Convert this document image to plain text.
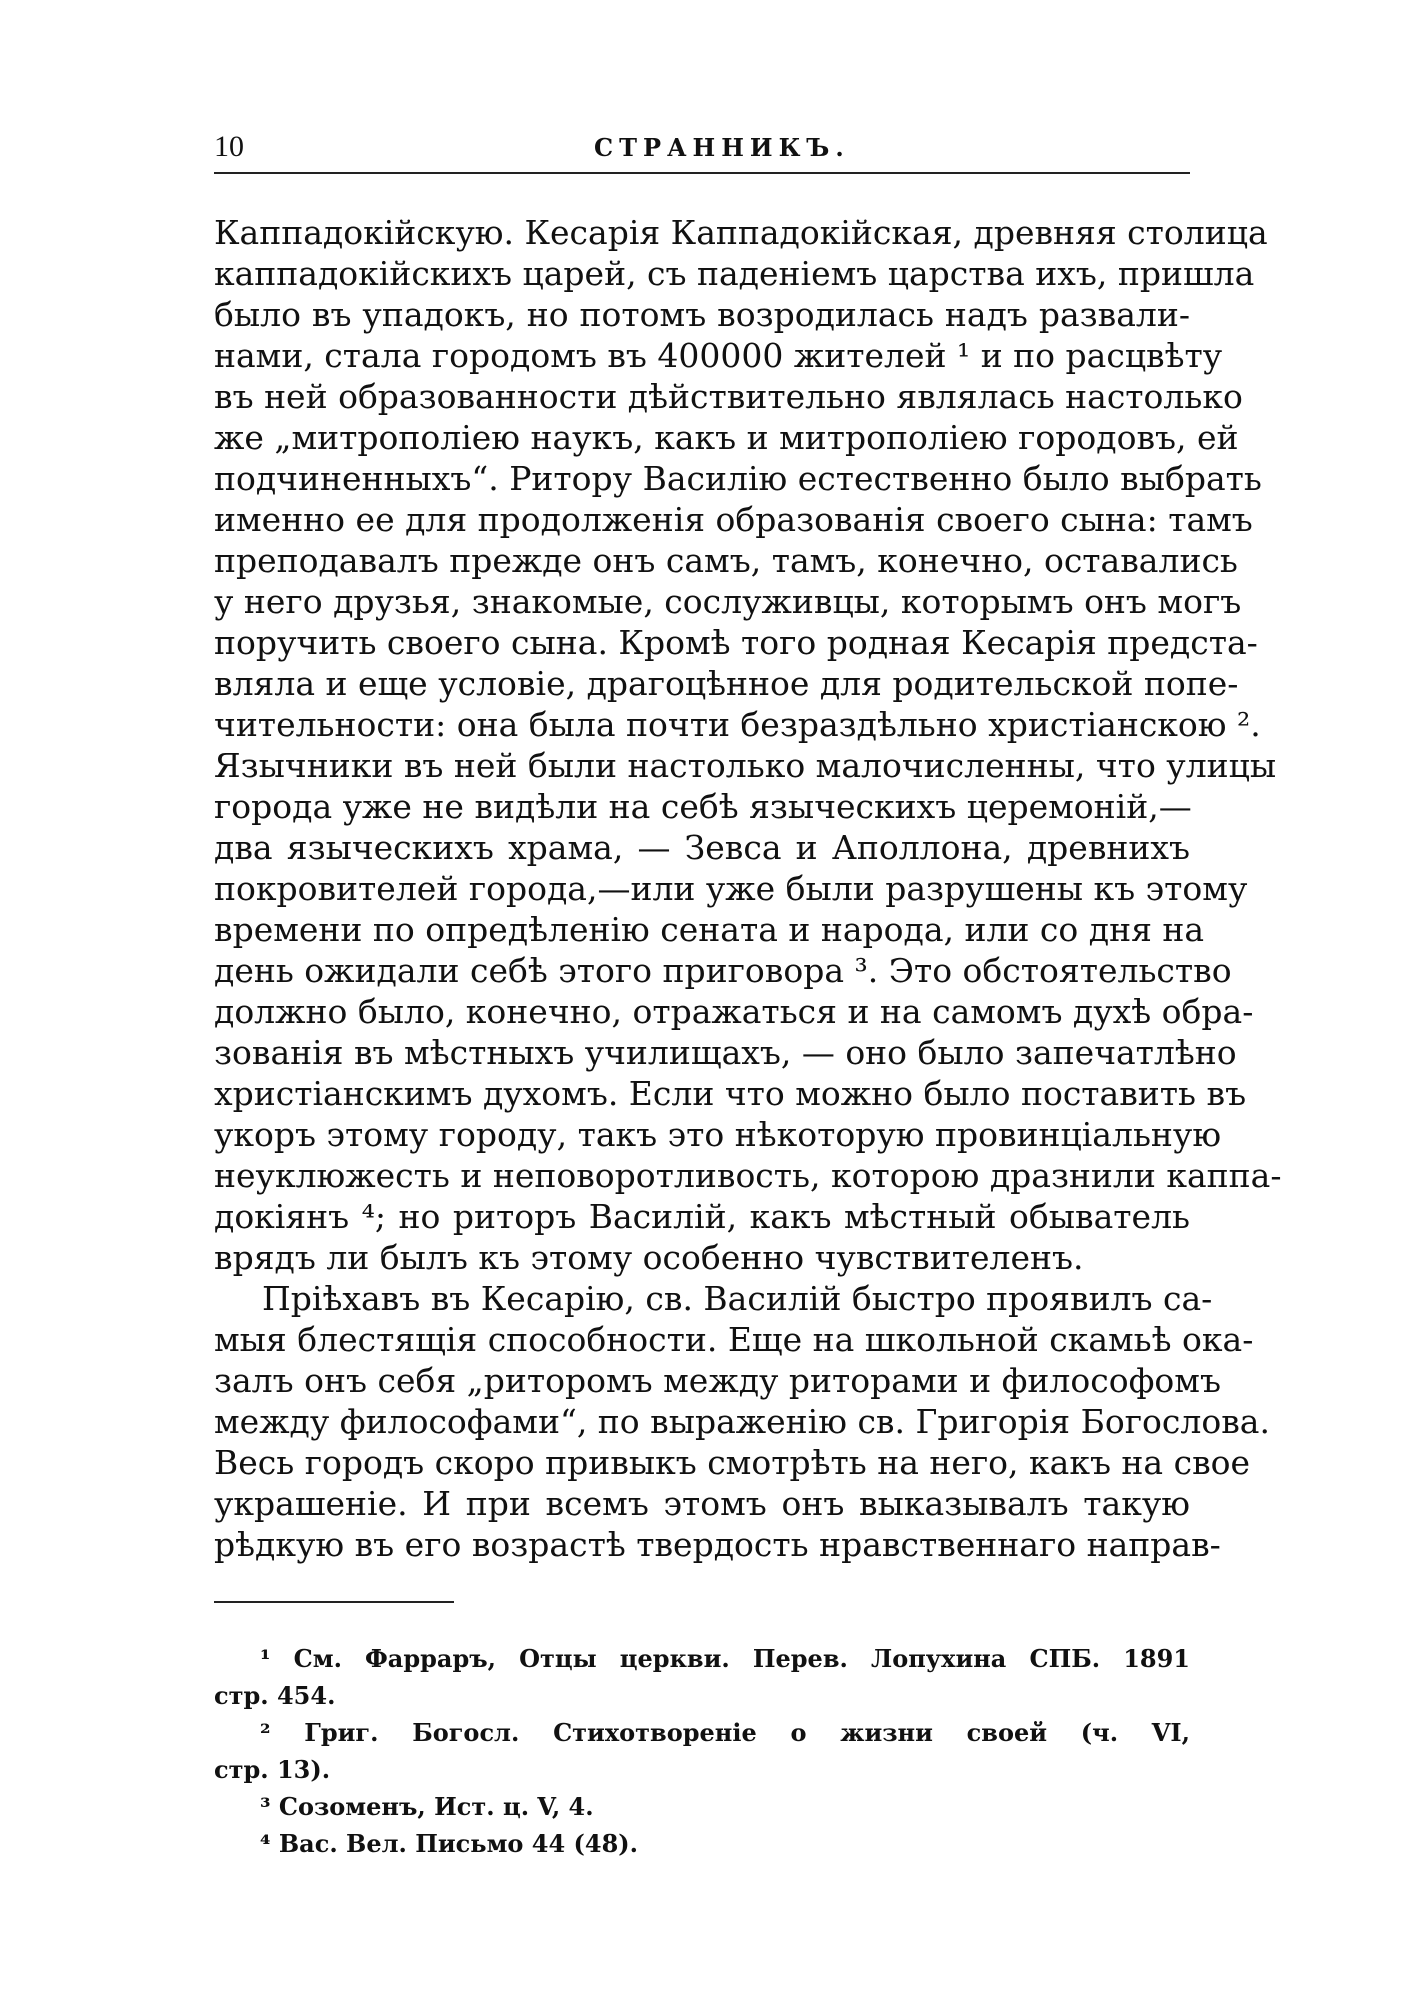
10	СТРАННИКЪ.
Каппадокійскую. Кесарія Каппадокійская, древняя столица
каппадокійскихъ царей, съ паденіемъ царства ихъ, пришла
было въ упадокъ, но потомъ возродилась надъ развали-
нами, стала городомъ въ 400000 жителей ¹ и по расцвѣту
въ ней образованности дѣйствительно являлась настолько
же „митрополіею наукъ, какъ и митрополіею городовъ, ей
подчиненныхъ“. Ритору Василію естественно было выбрать
именно ее для продолженія образованія своего сына: тамъ
преподавалъ прежде онъ самъ, тамъ, конечно, оставались
у него друзья, знакомые, сослуживцы, которымъ онъ могъ
поручить своего сына. Кромѣ того родная Кесарія предста-
вляла и еще условіе, драгоцѣнное для родительской попе-
чительности: она была почти безраздѣльно христіанскою ².
Язычники въ ней были настолько малочисленны, что улицы
города уже не видѣли на себѣ языческихъ церемоній,—
два языческихъ храма, — Зевса и Аполлона, древнихъ
покровителей города,—или уже были разрушены къ этому
времени по опредѣленію сената и народа, или со дня на
день ожидали себѣ этого приговора ³. Это обстоятельство
должно было, конечно, отражаться и на самомъ духѣ обра-
зованія въ мѣстныхъ училищахъ, — оно было запечатлѣно
христіанскимъ духомъ. Если что можно было поставить въ
укоръ этому городу, такъ это нѣкоторую провинціальную
неуклюжесть и неповоротливость, которою дразнили каппа-
докіянъ ⁴; но риторъ Василій, какъ мѣстный обыватель
врядъ ли былъ къ этому особенно чувствителенъ.
Пріѣхавъ въ Кесарію, св. Василій быстро проявилъ са-
мыя блестящія способности. Еще на школьной скамьѣ ока-
залъ онъ себя „риторомъ между риторами и философомъ
между философами“, по выраженію св. Григорія Богослова.
Весь городъ скоро привыкъ смотрѣть на него, какъ на свое
украшеніе. И при всемъ этомъ онъ выказывалъ такую
рѣдкую въ его возрастѣ твердость нравственнаго направ-
¹ См. Фарраръ, Отцы церкви. Перев. Лопухина СПБ. 1891
стр. 454.
² Григ. Богосл. Стихотвореніе о жизни своей (ч. VI,
стр. 13).
³ Созоменъ, Ист. ц. V, 4.
⁴ Вас. Вел. Письмо 44 (48).
